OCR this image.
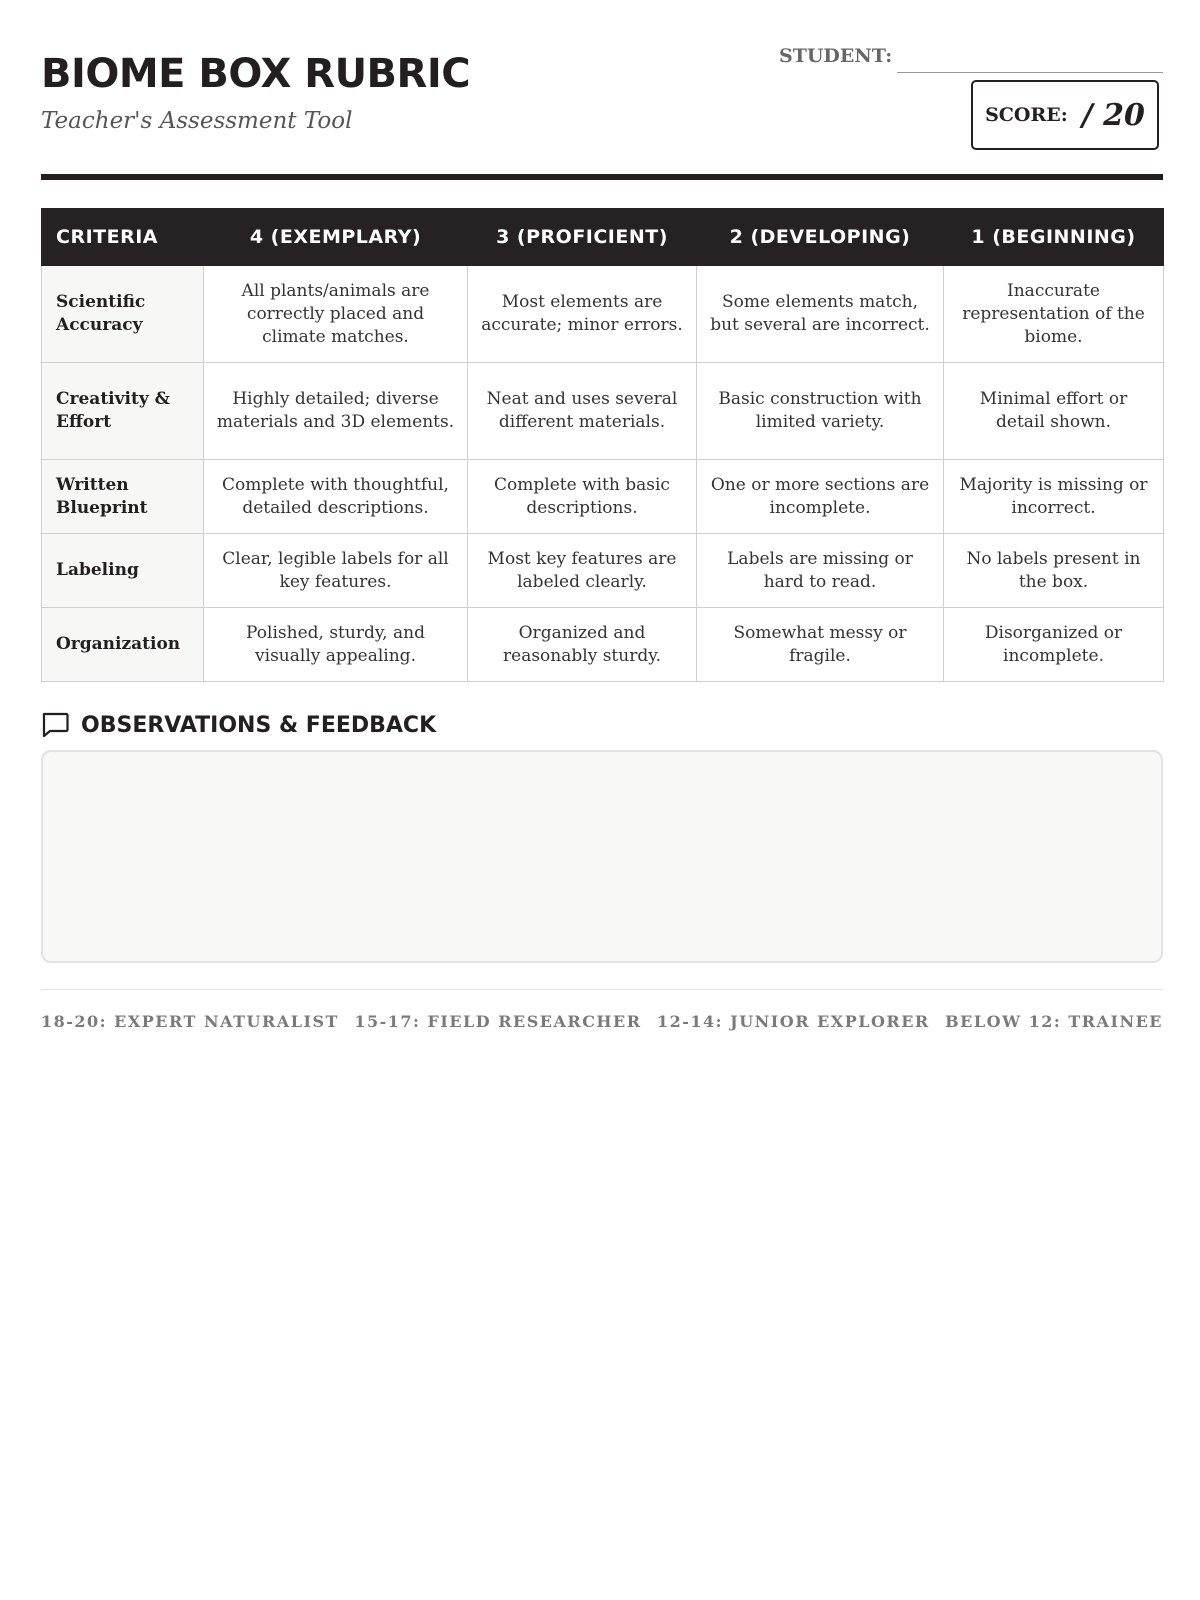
BIOME BOX RUBRIC
Teacher's Assessment Tool
STUDENT:
SCORE: / 20
CRITERIA	4 (EXEMPLARY)	3 (PROFICIENT)	2 (DEVELOPING)	1 (BEGINNING)
Scientific Accuracy	All plants/animals are correctly placed and climate matches.	Most elements are accurate; minor errors.	Some elements match, but several are incorrect.	Inaccurate representation of the biome.
Creativity & Effort	Highly detailed; diverse materials and 3D elements.	Neat and uses several different materials.	Basic construction with limited variety.	Minimal effort or detail shown.
Written Blueprint	Complete with thoughtful, detailed descriptions.	Complete with basic descriptions.	One or more sections are incomplete.	Majority is missing or incorrect.
Labeling	Clear, legible labels for all key features.	Most key features are labeled clearly.	Labels are missing or hard to read.	No labels present in the box.
Organization	Polished, sturdy, and visually appealing.	Organized and reasonably sturdy.	Somewhat messy or fragile.	Disorganized or incomplete.
OBSERVATIONS & FEEDBACK
18-20: EXPERT NATURALIST 15-17: FIELD RESEARCHER 12-14: JUNIOR EXPLORER BELOW 12: TRAINEE
